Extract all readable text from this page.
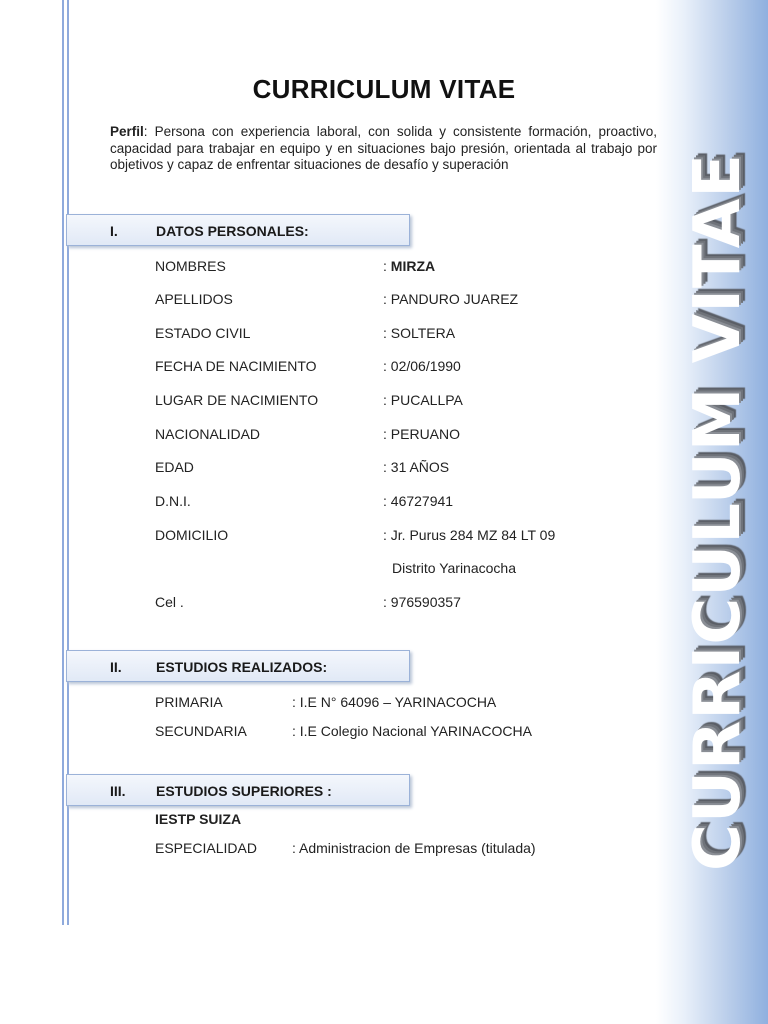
CURRICULUM VITAE
CURRICULUM VITAE
Perfil: Persona con experiencia laboral, con solida y consistente formación, proactivo, capacidad para trabajar en equipo y en situaciones bajo presión, orientada al trabajo por objetivos y capaz de enfrentar situaciones de desafío y superación
I.	DATOS PERSONALES:
NOMBRES	: MIRZA
APELLIDOS	: PANDURO JUAREZ
ESTADO CIVIL	: SOLTERA
FECHA DE NACIMIENTO	: 02/06/1990
LUGAR DE NACIMIENTO	: PUCALLPA
NACIONALIDAD	: PERUANO
EDAD	: 31 AÑOS
D.N.I.	: 46727941
DOMICILIO	: Jr. Purus 284 MZ 84 LT 09
Distrito Yarinacocha
Cel .	: 976590357
II. ESTUDIOS REALIZADOS:
PRIMARIA	: I.E N° 64096 – YARINACOCHA
SECUNDARIA	: I.E Colegio Nacional YARINACOCHA
III. ESTUDIOS SUPERIORES :
IESTP SUIZA
ESPECIALIDAD	: Administracion de Empresas (titulada)
